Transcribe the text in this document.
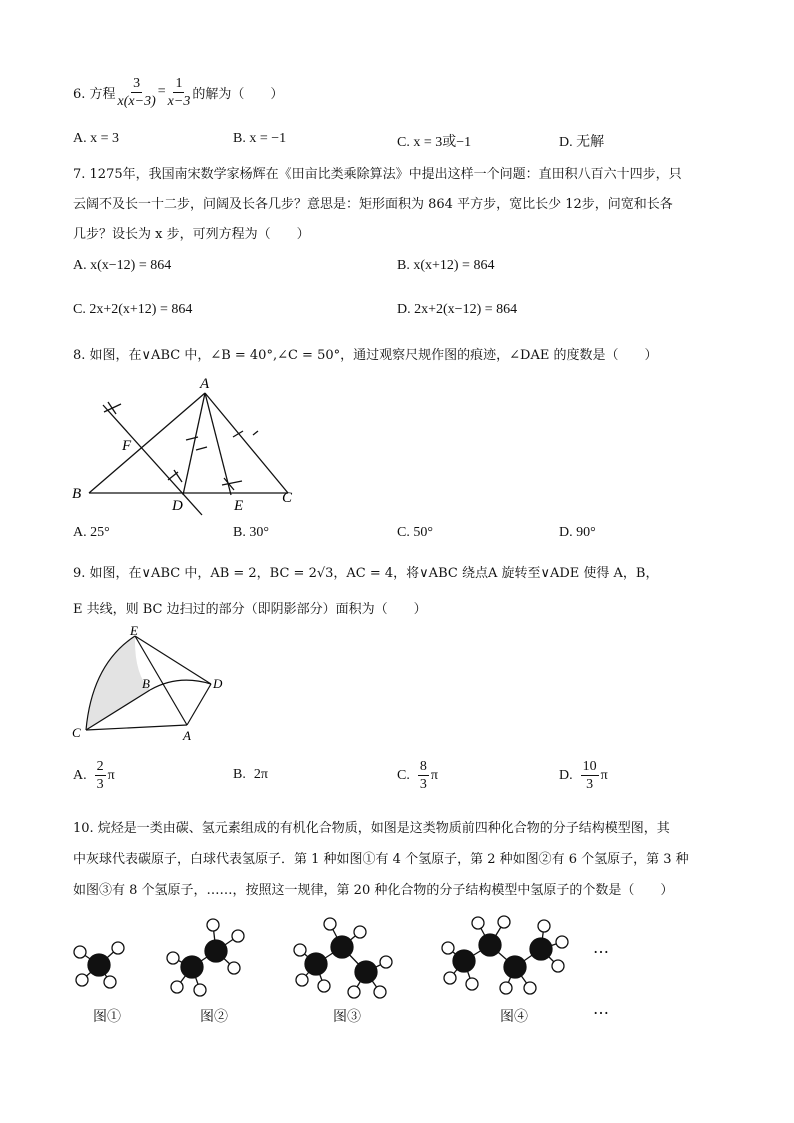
6. 方程 $\frac{3}{x(x-3)} = \frac{1}{x-3}$ 的解为（　　）
A. x = 3	B. x = −1	C. x = 3或−1	D. 无解
7. 1275年，我国南宋数学家杨辉在《田亩比类乘除算法》中提出这样一个问题：直田积八百六十四步，只
云阔不及长一十二步，问阔及长各几步？意思是：矩形面积为 864 平方步，宽比长少 12步，问宽和长各
几步？设长为 x 步，可列方程为（　　）
A. x(x−12) = 864	B. x(x+12) = 864
C. 2x+2(x+12) = 864	D. 2x+2(x−12) = 864
8. 如图，在∨ABC 中，∠B = 40°,∠C = 50°，通过观察尺规作图的痕迹，∠DAE 的度数是（　　）
A
B	C
D	E
F
A. 25°	B. 30°	C. 50°	D. 90°
9. 如图，在∨ABC 中，AB = 2，BC = 2√3，AC = 4，将∨ABC 绕点A 旋转至∨ADE 使得 A，B，
E 共线，则 BC 边扫过的部分（即阴影部分）面积为（　　）
E
B	D
C	A
A. $\frac{2}{3}$ π	B. 2π	C. $\frac{8}{3}$ π	D. $\frac{10}{3}$ π
10. 烷烃是一类由碳、氢元素组成的有机化合物质，如图是这类物质前四种化合物的分子结构模型图，其
中灰球代表碳原子，白球代表氢原子．第 1 种如图①有 4 个氢原子，第 2 种如图②有 6 个氢原子，第 3 种
如图③有 8 个氢原子，……，按照这一规律，第 20 种化合物的分子结构模型中氢原子的个数是（　　）
…
图①	图②	图③	图④	…
